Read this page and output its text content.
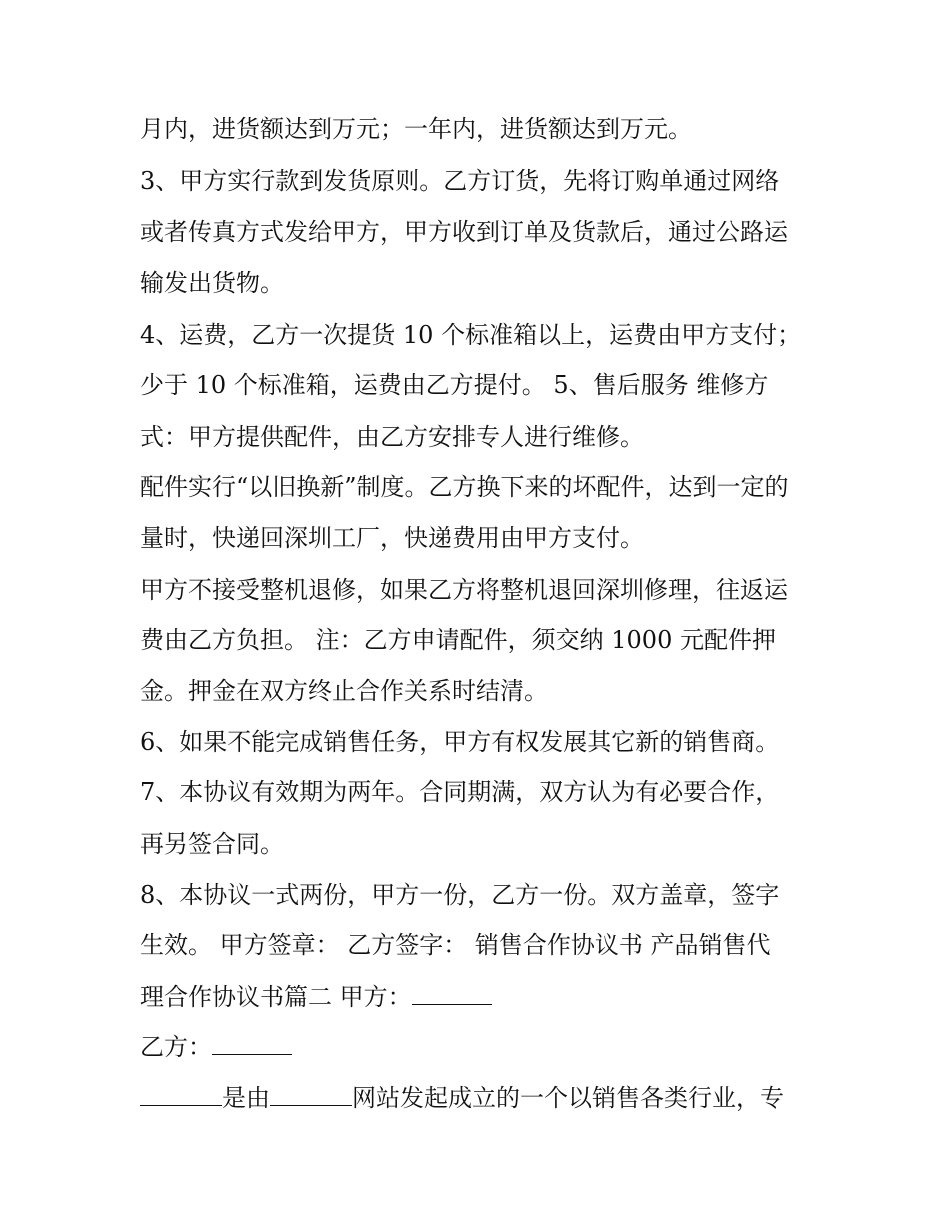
月内，进货额达到万元；一年内，进货额达到万元。
3、甲方实行款到发货原则。乙方订货，先将订购单通过网络
或者传真方式发给甲方，甲方收到订单及货款后，通过公路运
输发出货物。
4、运费，乙方一次提货 10 个标准箱以上，运费由甲方支付；
少于 10 个标准箱，运费由乙方提付。 5、售后服务 维修方
式：甲方提供配件，由乙方安排专人进行维修。
配件实行“以旧换新”制度。乙方换下来的坏配件，达到一定的
量时，快递回深圳工厂，快递费用由甲方支付。
甲方不接受整机退修，如果乙方将整机退回深圳修理，往返运
费由乙方负担。 注：乙方申请配件，须交纳 1000 元配件押
金。押金在双方终止合作关系时结清。
6、如果不能完成销售任务，甲方有权发展其它新的销售商。
7、本协议有效期为两年。合同期满，双方认为有必要合作，
再另签合同。
8、本协议一式两份，甲方一份，乙方一份。双方盖章，签字
生效。 甲方签章： 乙方签字： 销售合作协议书 产品销售代
理合作协议书篇二 甲方：
乙方：
是由	网站发起成立的一个以销售各类行业，专
